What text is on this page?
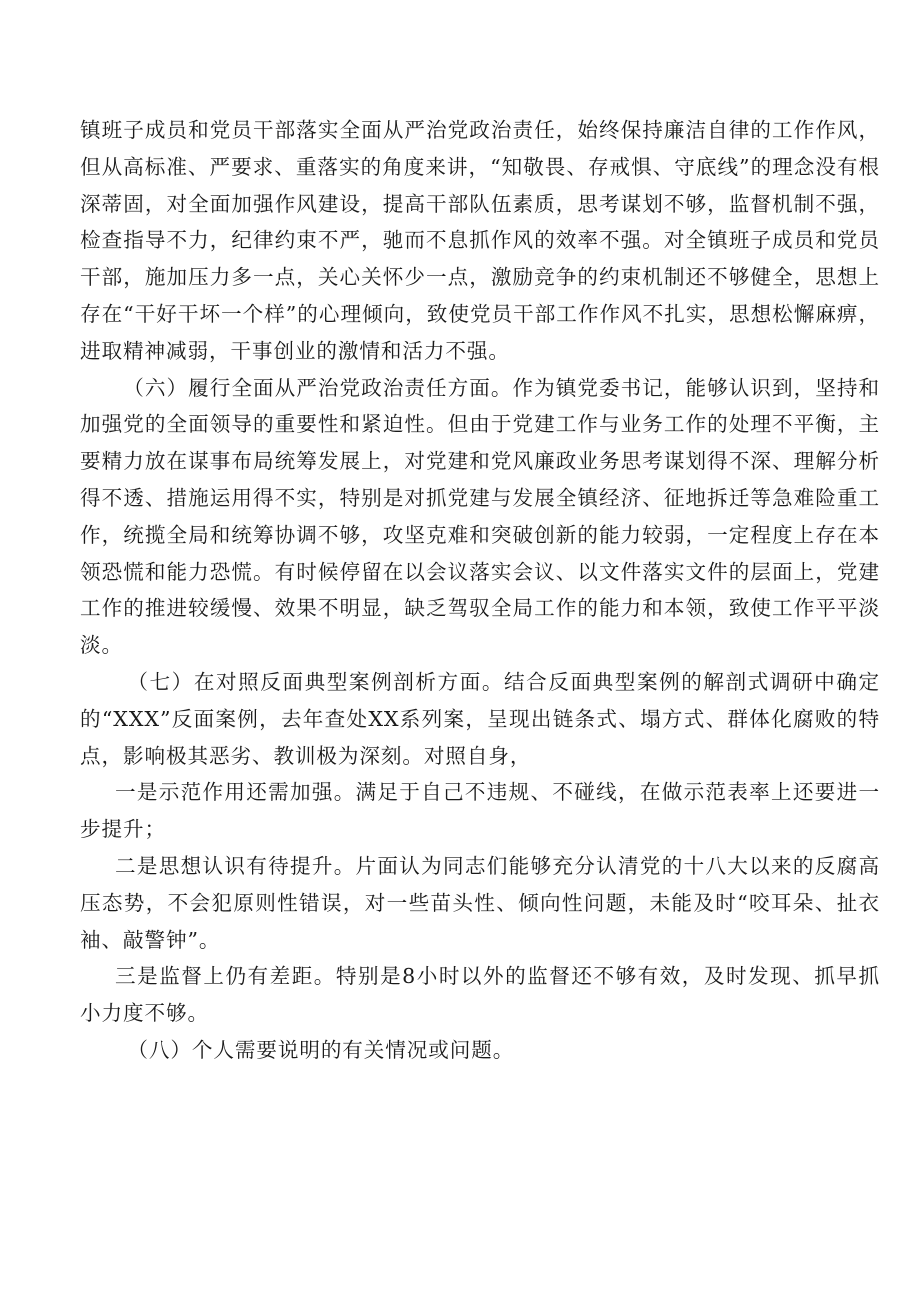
镇班子成员和党员干部落实全面从严治党政治责任，始终保持廉洁自律的工作作风，但从高标准、严要求、重落实的角度来讲，“知敬畏、存戒惧、守底线”的理念没有根深蒂固，对全面加强作风建设，提高干部队伍素质，思考谋划不够，监督机制不强，检查指导不力，纪律约束不严，驰而不息抓作风的效率不强。对全镇班子成员和党员干部，施加压力多一点，关心关怀少一点，激励竞争的约束机制还不够健全，思想上存在“干好干坏一个样”的心理倾向，致使党员干部工作作风不扎实，思想松懈麻痹，进取精神减弱，干事创业的激情和活力不强。

（六）履行全面从严治党政治责任方面。作为镇党委书记，能够认识到，坚持和加强党的全面领导的重要性和紧迫性。但由于党建工作与业务工作的处理不平衡，主要精力放在谋事布局统筹发展上，对党建和党风廉政业务思考谋划得不深、理解分析得不透、措施运用得不实，特别是对抓党建与发展全镇经济、征地拆迁等急难险重工作，统揽全局和统筹协调不够，攻坚克难和突破创新的能力较弱，一定程度上存在本领恐慌和能力恐慌。有时候停留在以会议落实会议、以文件落实文件的层面上，党建工作的推进较缓慢、效果不明显，缺乏驾驭全局工作的能力和本领，致使工作平平淡淡。

（七）在对照反面典型案例剖析方面。结合反面典型案例的解剖式调研中确定的“XXX”反面案例，去年查处XX系列案，呈现出链条式、塌方式、群体化腐败的特点，影响极其恶劣、教训极为深刻。对照自身，

一是示范作用还需加强。满足于自己不违规、不碰线，在做示范表率上还要进一步提升；

二是思想认识有待提升。片面认为同志们能够充分认清党的十八大以来的反腐高压态势，不会犯原则性错误，对一些苗头性、倾向性问题，未能及时“咬耳朵、扯衣袖、敲警钟”。

三是监督上仍有差距。特别是8小时以外的监督还不够有效，及时发现、抓早抓小力度不够。

（八）个人需要说明的有关情况或问题。
